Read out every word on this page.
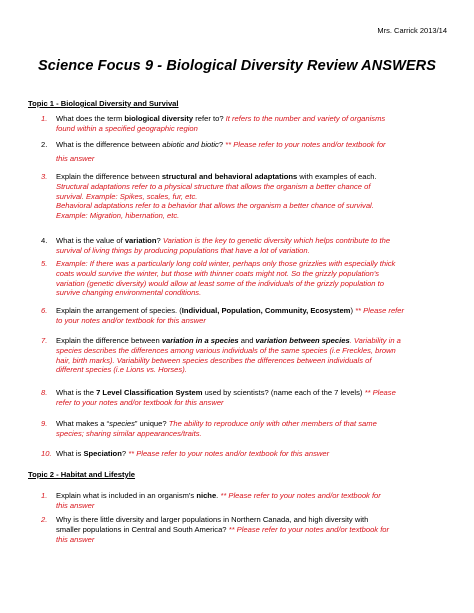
Mrs. Carrick 2013/14
Science Focus 9 - Biological Diversity Review ANSWERS
Topic 1 - Biological Diversity and Survival
1. What does the term biological diversity refer to? It refers to the number and variety of organisms
found within a specified geographic region
2. What is the difference between abiotic and biotic? ** Please refer to your notes and/or textbook for
this answer
3. Explain the difference between structural and behavioral adaptations with examples of each.
Structural adaptations refer to a physical structure that allows the organism a better chance of
survival. Example: Spikes, scales, fur, etc.
Behavioral adaptations refer to a behavior that allows the organism a better chance of survival.
Example: Migration, hibernation, etc.
4. What is the value of variation? Variation is the key to genetic diversity which helps contribute to the
survival of living things by producing populations that have a lot of variation.
5. Example: If there was a particularly long cold winter, perhaps only those grizzlies with especially thick
coats would survive the winter, but those with thinner coats might not. So the grizzly population's
variation (genetic diversity) would allow at least some of the individuals of the grizzly population to
survive changing environmental conditions.
6. Explain the arrangement of species. (Individual, Population, Community, Ecosystem) ** Please refer
to your notes and/or textbook for this answer
7. Explain the difference between variation in a species and variation between species. Variability in a
species describes the differences among various individuals of the same species (i.e Freckles, brown
hair, birth marks). Variability between species describes the differences between individuals of
different species (i.e Lions vs. Horses).
8. What is the 7 Level Classification System used by scientists? (name each of the 7 levels) ** Please
refer to your notes and/or textbook for this answer
9. What makes a “species” unique? The ability to reproduce only with other members of that same
species; sharing similar appearances/traits.
10. What is Speciation? ** Please refer to your notes and/or textbook for this answer
Topic 2 - Habitat and Lifestyle
1. Explain what is included in an organism's niche. ** Please refer to your notes and/or textbook for
this answer
2. Why is there little diversity and larger populations in Northern Canada, and high diversity with
smaller populations in Central and South America? ** Please refer to your notes and/or textbook for
this answer
